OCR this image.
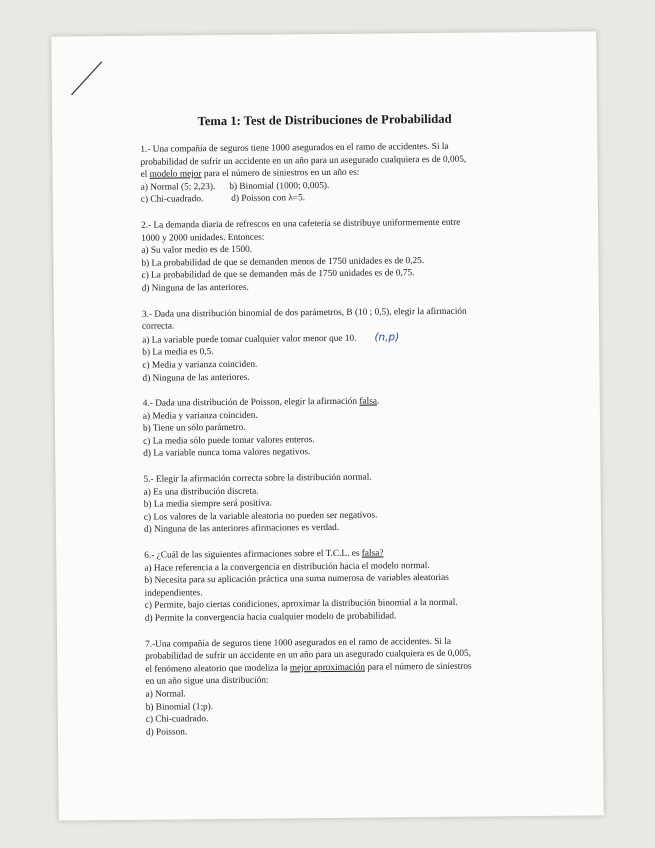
Tema 1: Test de Distribuciones de Probabilidad
1.- Una compañía de seguros tiene 1000 asegurados en el ramo de accidentes. Si la
probabilidad de sufrir un accidente en un año para un asegurado cualquiera es de 0,005,
el modelo mejor para el número de siniestros en un año es:
a) Normal (5; 2,23). b) Binomial (1000; 0,005).
c) Chi-cuadrado.	d) Poisson con λ=5.
2.- La demanda diaria de refrescos en una cafetería se distribuye uniformemente entre
1000 y 2000 unidades. Entonces:
a) Su valor medio es de 1500.
b) La probabilidad de que se demanden menos de 1750 unidades es de 0,25.
c) La probabilidad de que se demanden más de 1750 unidades es de 0,75.
d) Ninguna de las anteriores.
3.- Dada una distribución binomial de dos parámetros, B (10 ; 0,5), elegir la afirmación
correcta.
a) La variable puede tomar cualquier valor menor que 10. (n,p)
b) La media es 0,5.
c) Media y varianza coinciden.
d) Ninguna de las anteriores.
4.- Dada una distribución de Poisson, elegir la afirmación falsa.
a) Media y varianza coinciden.
b) Tiene un sólo parámetro.
c) La media sólo puede tomar valores enteros.
d) La variable nunca toma valores negativos.
5.- Elegir la afirmación correcta sobre la distribución normal.
a) Es una distribución discreta.
b) La media siempre será positiva.
c) Los valores de la variable aleatoria no pueden ser negativos.
d) Ninguna de las anteriores afirmaciones es verdad.
6.- ¿Cuál de las siguientes afirmaciones sobre el T.C.L. es falsa?
a) Hace referencia a la convergencia en distribución hacia el modelo normal.
b) Necesita para su aplicación práctica una suma numerosa de variables aleatorias
independientes.
c) Permite, bajo ciertas condiciones, aproximar la distribución binomial a la normal.
d) Permite la convergencia hacia cualquier modelo de probabilidad.
7.-Una compañía de seguros tiene 1000 asegurados en el ramo de accidentes. Si la
probabilidad de sufrir un accidente en un año para un asegurado cualquiera es de 0,005,
el fenómeno aleatorio que modeliza la mejor aproximación para el número de siniestros
en un año sigue una distribución:
a) Normal.
b) Binomial (1;p).
c) Chi-cuadrado.
d) Poisson.
